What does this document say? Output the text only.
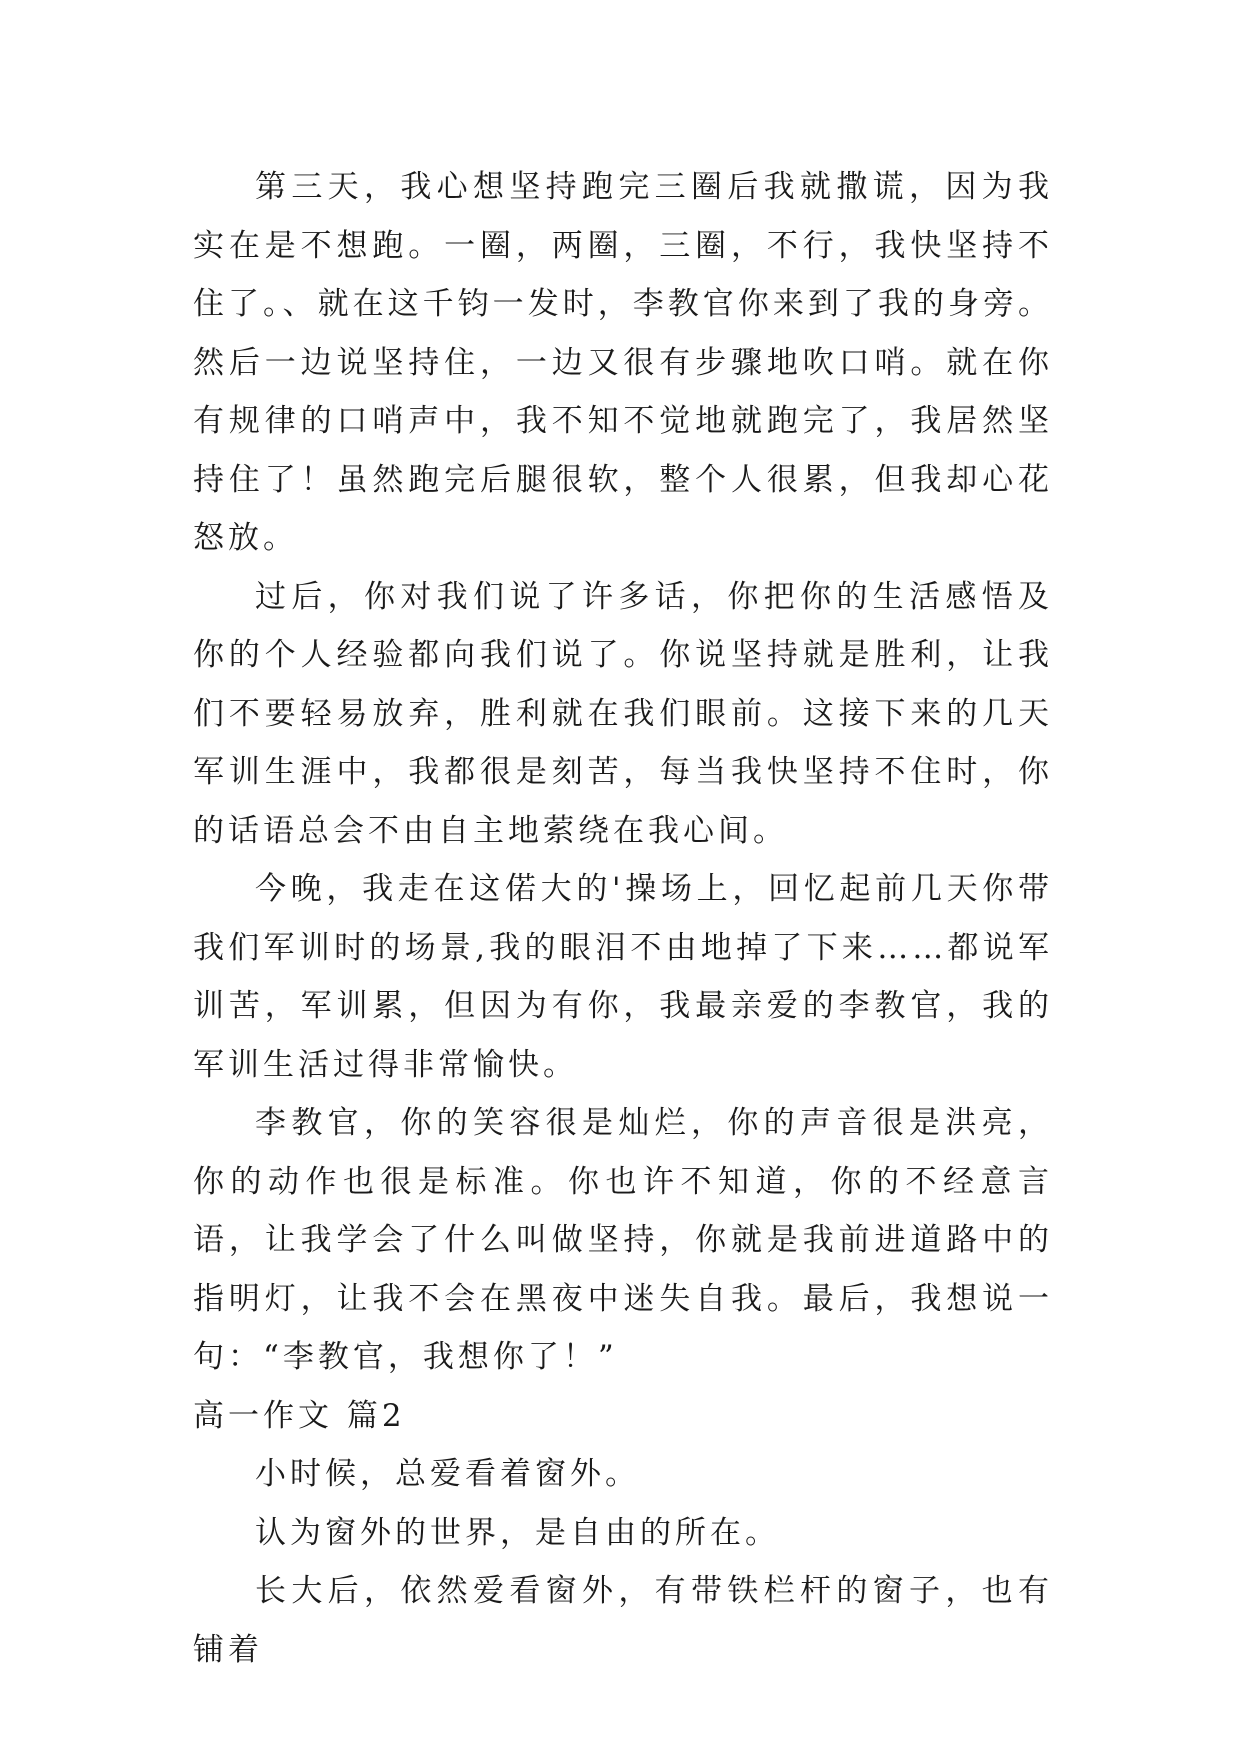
第三天，我心想坚持跑完三圈后我就撒谎，因为我实在是不想跑。一圈，两圈，三圈，不行，我快坚持不住了。、就在这千钧一发时，李教官你来到了我的身旁。然后一边说坚持住，一边又很有步骤地吹口哨。就在你有规律的口哨声中，我不知不觉地就跑完了，我居然坚持住了！虽然跑完后腿很软，整个人很累，但我却心花怒放。

过后，你对我们说了许多话，你把你的生活感悟及你的个人经验都向我们说了。你说坚持就是胜利，让我们不要轻易放弃，胜利就在我们眼前。这接下来的几天军训生涯中，我都很是刻苦，每当我快坚持不住时，你的话语总会不由自主地萦绕在我心间。

今晚，我走在这偌大的'操场上，回忆起前几天你带我们军训时的场景,我的眼泪不由地掉了下来……都说军训苦，军训累，但因为有你，我最亲爱的李教官，我的军训生活过得非常愉快。

李教官，你的笑容很是灿烂，你的声音很是洪亮，你的动作也很是标准。你也许不知道，你的不经意言语，让我学会了什么叫做坚持，你就是我前进道路中的指明灯，让我不会在黑夜中迷失自我。最后，我想说一句：“李教官，我想你了！”

高一作文 篇2

小时候，总爱看着窗外。

认为窗外的世界，是自由的所在。

长大后，依然爱看窗外，有带铁栏杆的窗子，也有铺着
